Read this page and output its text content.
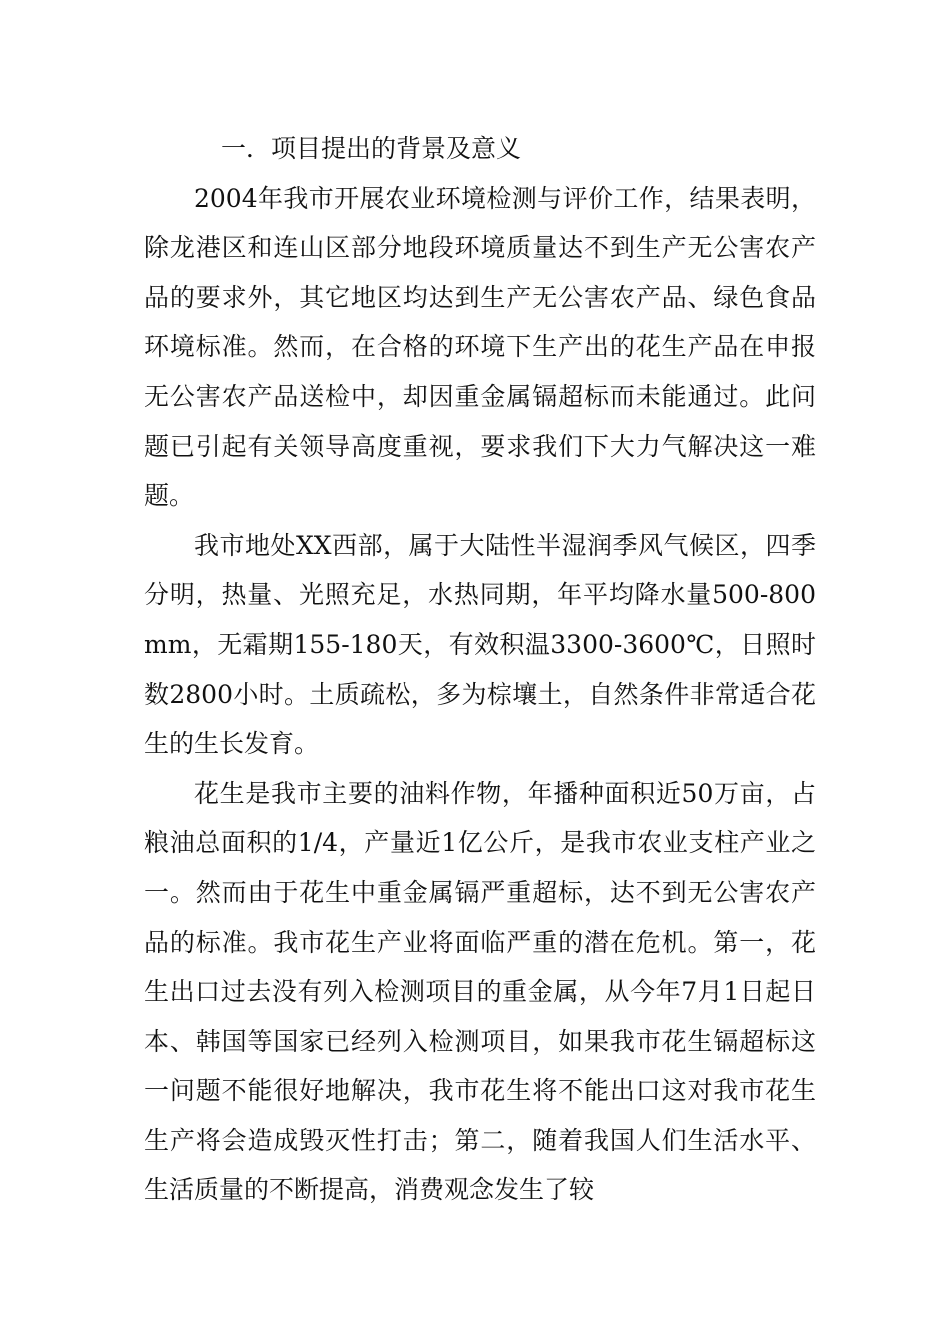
一．项目提出的背景及意义

2004年我市开展农业环境检测与评价工作，结果表明，除龙港区和连山区部分地段环境质量达不到生产无公害农产品的要求外，其它地区均达到生产无公害农产品、绿色食品环境标准。然而，在合格的环境下生产出的花生产品在申报无公害农产品送检中，却因重金属镉超标而未能通过。此问题已引起有关领导高度重视，要求我们下大力气解决这一难题。

我市地处XX西部，属于大陆性半湿润季风气候区，四季分明，热量、光照充足，水热同期，年平均降水量500-800mm，无霜期155-180天，有效积温3300-3600℃，日照时数2800小时。土质疏松，多为棕壤土，自然条件非常适合花生的生长发育。

花生是我市主要的油料作物，年播种面积近50万亩，占粮油总面积的1/4，产量近1亿公斤，是我市农业支柱产业之一。然而由于花生中重金属镉严重超标，达不到无公害农产品的标准。我市花生产业将面临严重的潜在危机。第一，花生出口过去没有列入检测项目的重金属，从今年7月1日起日本、韩国等国家已经列入检测项目，如果我市花生镉超标这一问题不能很好地解决，我市花生将不能出口这对我市花生生产将会造成毁灭性打击；第二，随着我国人们生活水平、生活质量的不断提高，消费观念发生了较
